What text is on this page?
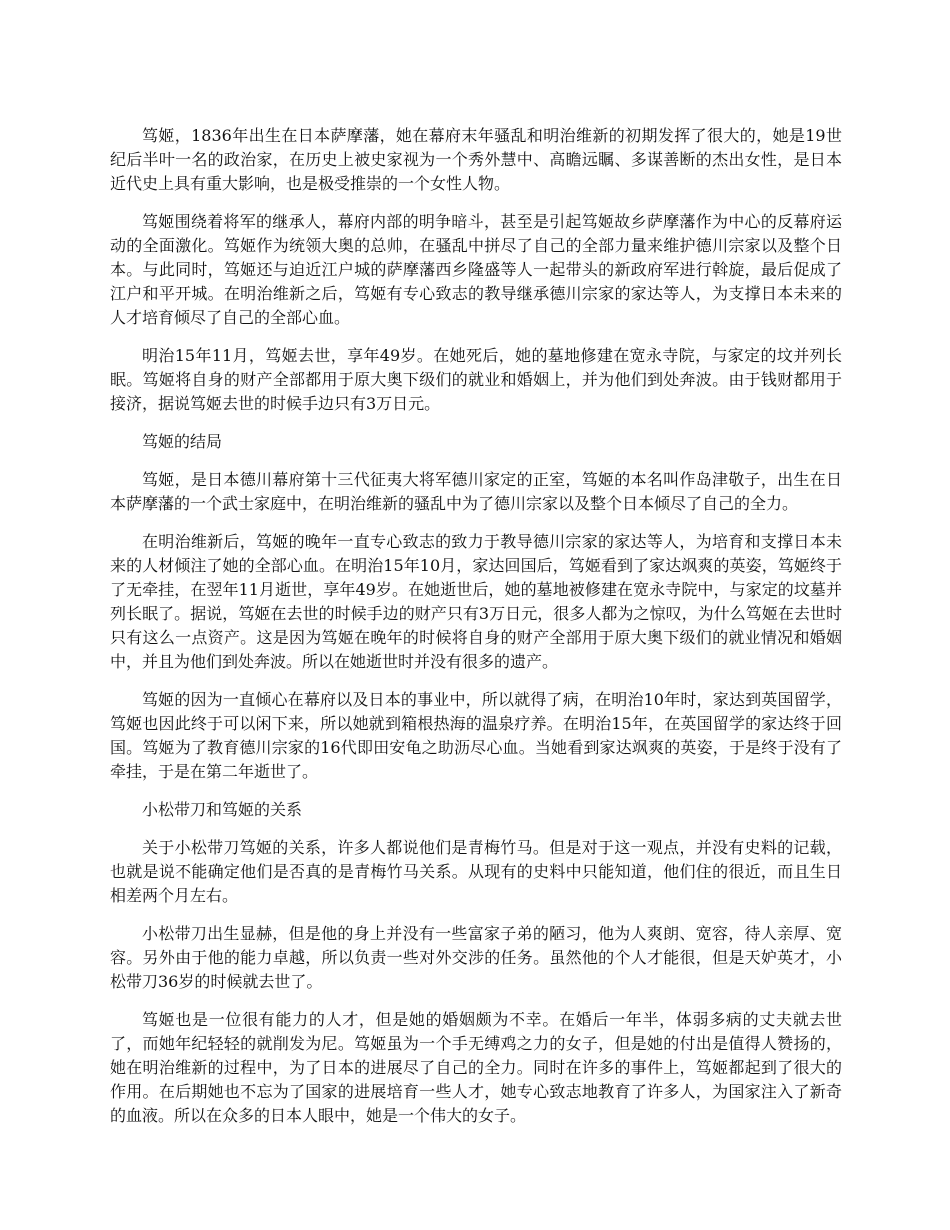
笃姬，1836年出生在日本萨摩藩，她在幕府末年骚乱和明治维新的初期发挥了很大的，她是19世纪后半叶一名的政治家，在历史上被史家视为一个秀外慧中、高瞻远瞩、多谋善断的杰出女性，是日本近代史上具有重大影响，也是极受推崇的一个女性人物。

笃姬围绕着将军的继承人，幕府内部的明争暗斗，甚至是引起笃姬故乡萨摩藩作为中心的反幕府运动的全面激化。笃姬作为统领大奥的总帅，在骚乱中拼尽了自己的全部力量来维护德川宗家以及整个日本。与此同时，笃姬还与迫近江户城的萨摩藩西乡隆盛等人一起带头的新政府军进行斡旋，最后促成了江户和平开城。在明治维新之后，笃姬有专心致志的教导继承德川宗家的家达等人，为支撑日本未来的人才培育倾尽了自己的全部心血。

明治15年11月，笃姬去世，享年49岁。在她死后，她的墓地修建在宽永寺院，与家定的坟并列长眠。笃姬将自身的财产全部都用于原大奥下级们的就业和婚姻上，并为他们到处奔波。由于钱财都用于接济，据说笃姬去世的时候手边只有3万日元。

笃姬的结局

笃姬，是日本德川幕府第十三代征夷大将军德川家定的正室，笃姬的本名叫作岛津敬子，出生在日本萨摩藩的一个武士家庭中，在明治维新的骚乱中为了德川宗家以及整个日本倾尽了自己的全力。

在明治维新后，笃姬的晚年一直专心致志的致力于教导德川宗家的家达等人，为培育和支撑日本未来的人材倾注了她的全部心血。在明治15年10月，家达回国后，笃姬看到了家达飒爽的英姿，笃姬终于了无牵挂，在翌年11月逝世，享年49岁。在她逝世后，她的墓地被修建在宽永寺院中，与家定的坟墓并列长眠了。据说，笃姬在去世的时候手边的财产只有3万日元，很多人都为之惊叹，为什么笃姬在去世时只有这么一点资产。这是因为笃姬在晚年的时候将自身的财产全部用于原大奥下级们的就业情况和婚姻中，并且为他们到处奔波。所以在她逝世时并没有很多的遗产。

笃姬的因为一直倾心在幕府以及日本的事业中，所以就得了病，在明治10年时，家达到英国留学，笃姬也因此终于可以闲下来，所以她就到箱根热海的温泉疗养。在明治15年，在英国留学的家达终于回国。笃姬为了教育德川宗家的16代即田安龟之助沥尽心血。当她看到家达飒爽的英姿，于是终于没有了牵挂，于是在第二年逝世了。

小松带刀和笃姬的关系

关于小松带刀笃姬的关系，许多人都说他们是青梅竹马。但是对于这一观点，并没有史料的记载，也就是说不能确定他们是否真的是青梅竹马关系。从现有的史料中只能知道，他们住的很近，而且生日相差两个月左右。

小松带刀出生显赫，但是他的身上并没有一些富家子弟的陋习，他为人爽朗、宽容，待人亲厚、宽容。另外由于他的能力卓越，所以负责一些对外交涉的任务。虽然他的个人才能很，但是天妒英才，小松带刀36岁的时候就去世了。

笃姬也是一位很有能力的人才，但是她的婚姻颇为不幸。在婚后一年半，体弱多病的丈夫就去世了，而她年纪轻轻的就削发为尼。笃姬虽为一个手无缚鸡之力的女子，但是她的付出是值得人赞扬的，她在明治维新的过程中，为了日本的进展尽了自己的全力。同时在许多的事件上，笃姬都起到了很大的作用。在后期她也不忘为了国家的进展培育一些人才，她专心致志地教育了许多人，为国家注入了新奇的血液。所以在众多的日本人眼中，她是一个伟大的女子。
